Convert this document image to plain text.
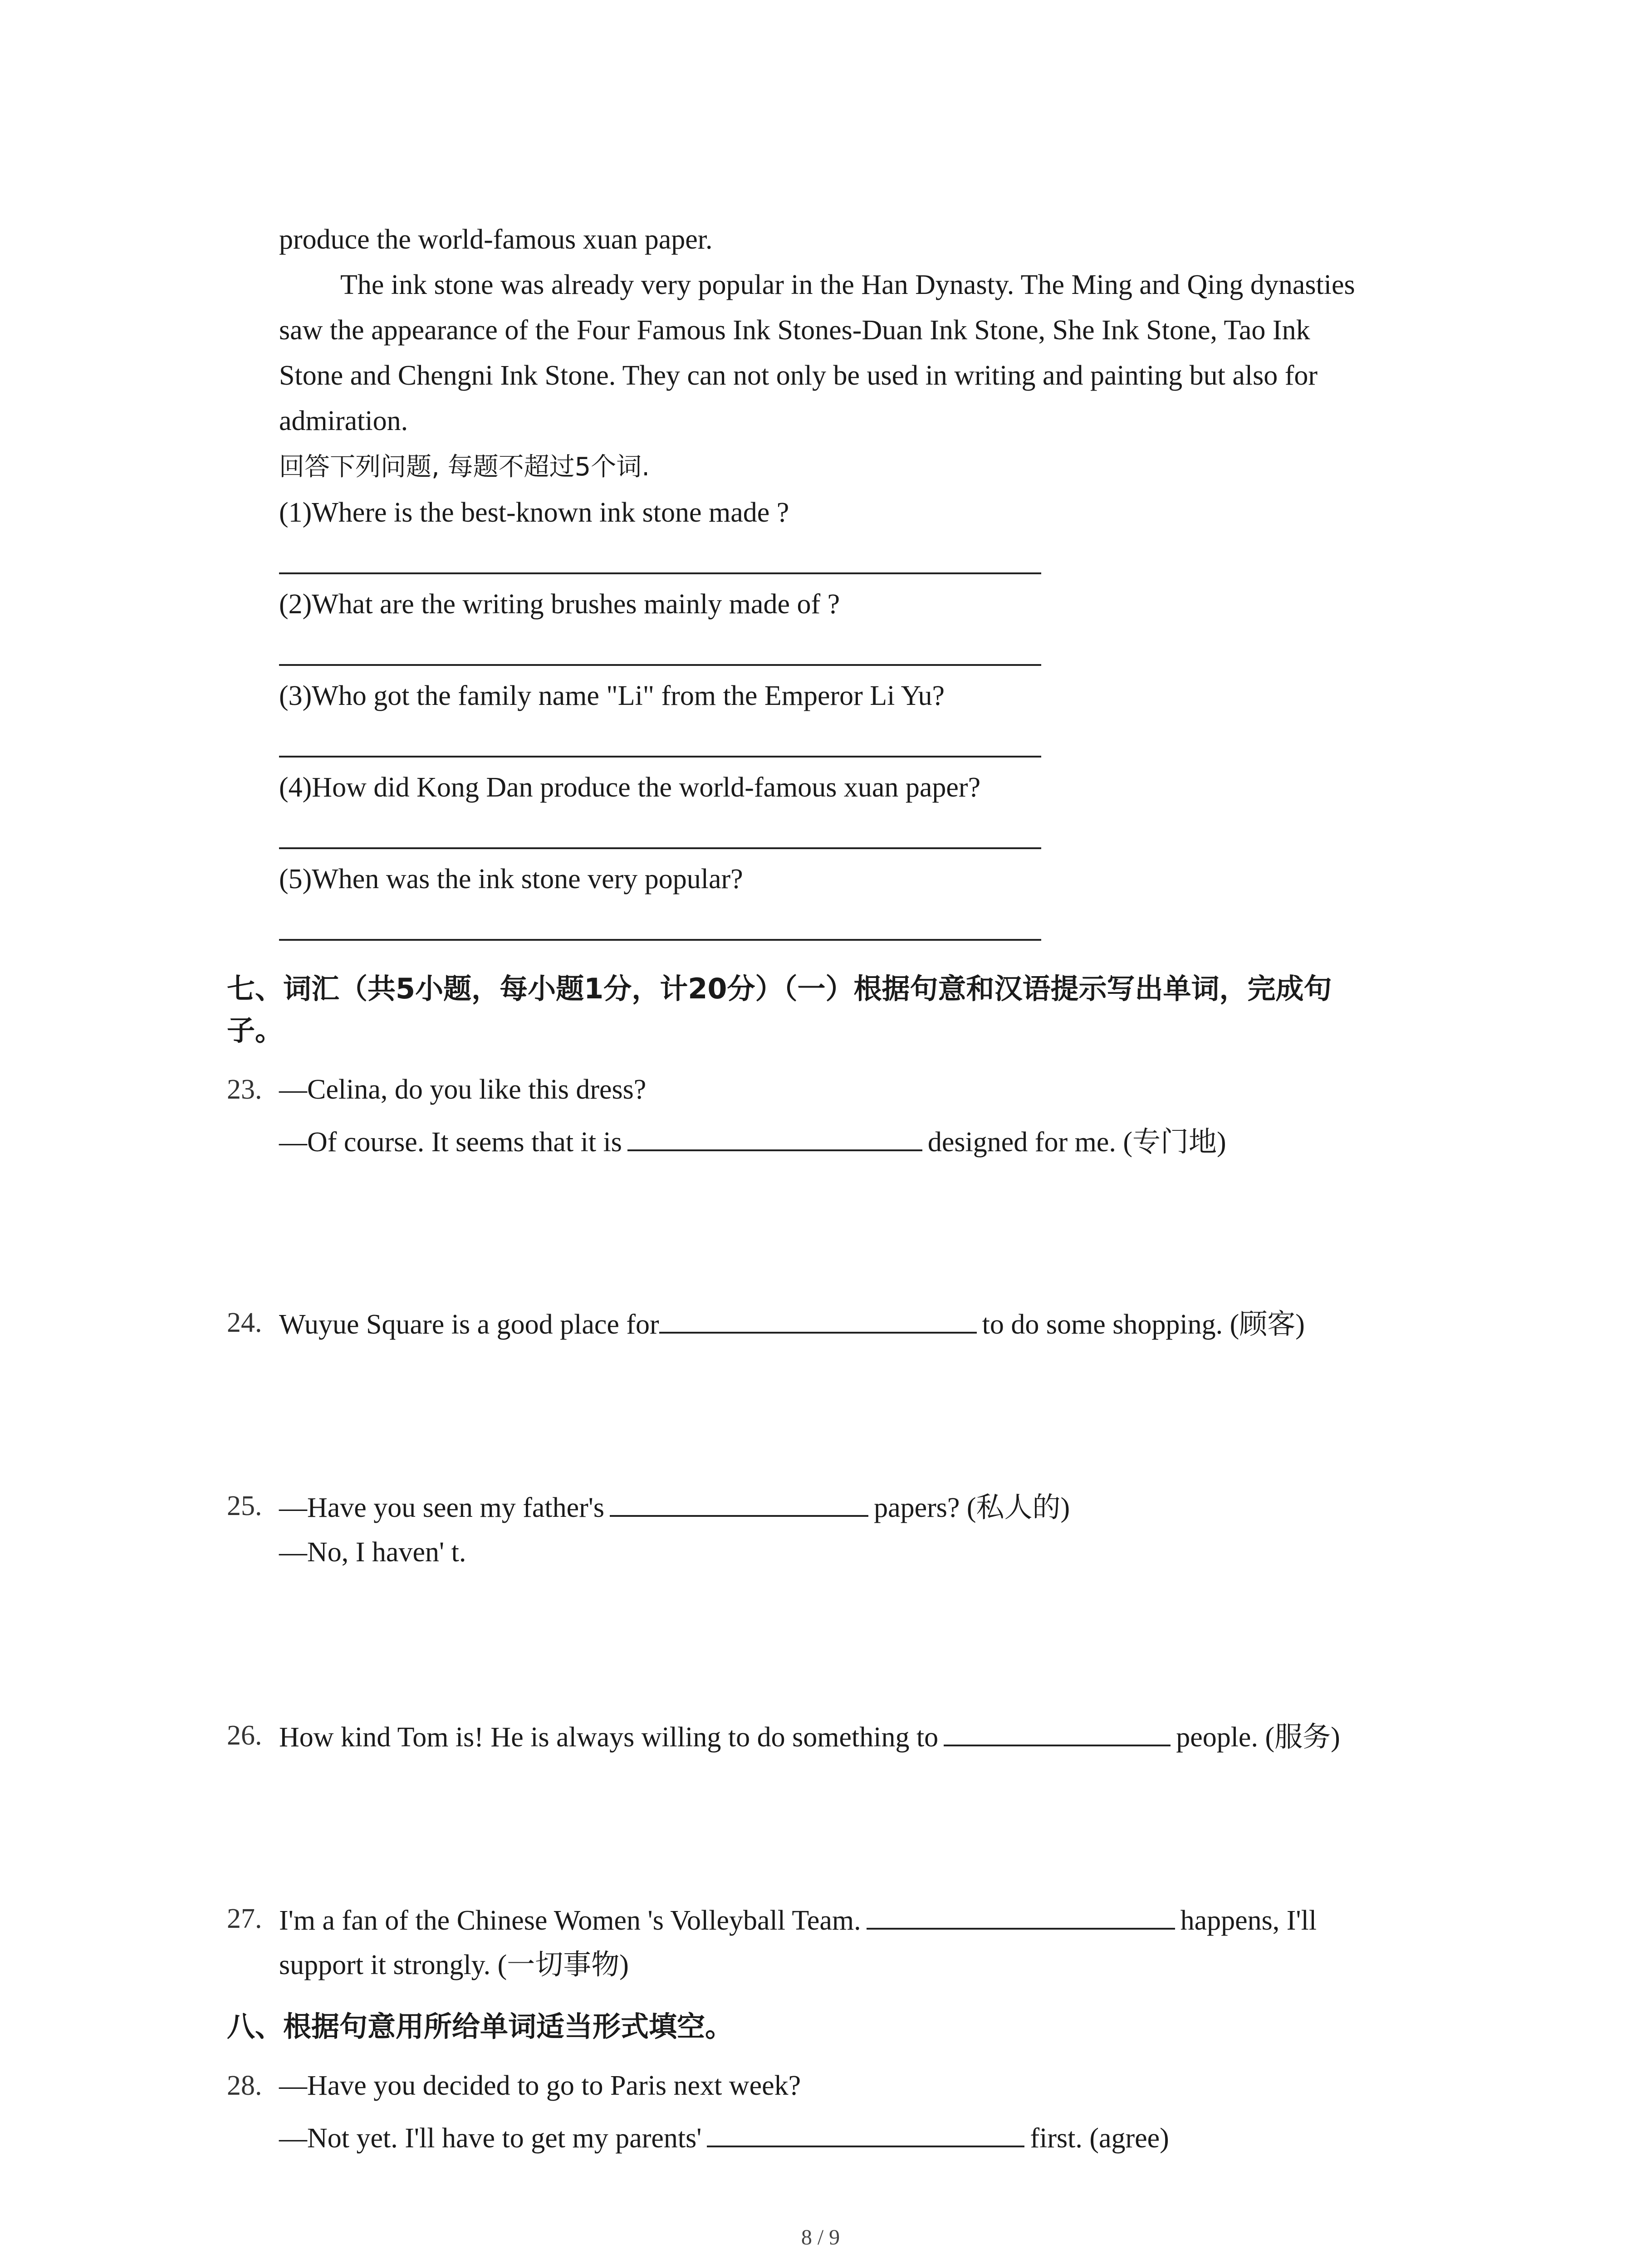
produce the world-famous xuan paper.
The ink stone was already very popular in the Han Dynasty. The Ming and Qing dynasties
saw the appearance of the Four Famous Ink Stones-Duan Ink Stone, She Ink Stone, Tao Ink
Stone and Chengni Ink Stone. They can not only be used in writing and painting but also for
admiration.
回答下列问题, 每题不超过5个词.
(1)Where is the best-known ink stone made ?
(2)What are the writing brushes mainly made of ?
(3)Who got the family name "Li" from the Emperor Li Yu?
(4)How did Kong Dan produce the world-famous xuan paper?
(5)When was the ink stone very popular?
七、词汇（共5小题，每小题1分，计20分）（一）根据句意和汉语提示写出单词，完成句
子。
23. —Celina, do you like this dress?
—Of course. It seems that it is	designed for me. (专门地)
24. Wuyue Square is a good place for	to do some shopping. (顾客)
25. —Have you seen my father's	papers? (私人的)
—No, I haven' t.
26. How kind Tom is! He is always willing to do something to	people. (服务)
27. I'm a fan of the Chinese Women 's Volleyball Team.	happens, I'll
support it strongly. (一切事物)
八、根据句意用所给单词适当形式填空。
28. —Have you decided to go to Paris next week?
—Not yet. I'll have to get my parents'	first. (agree)
8 / 9
